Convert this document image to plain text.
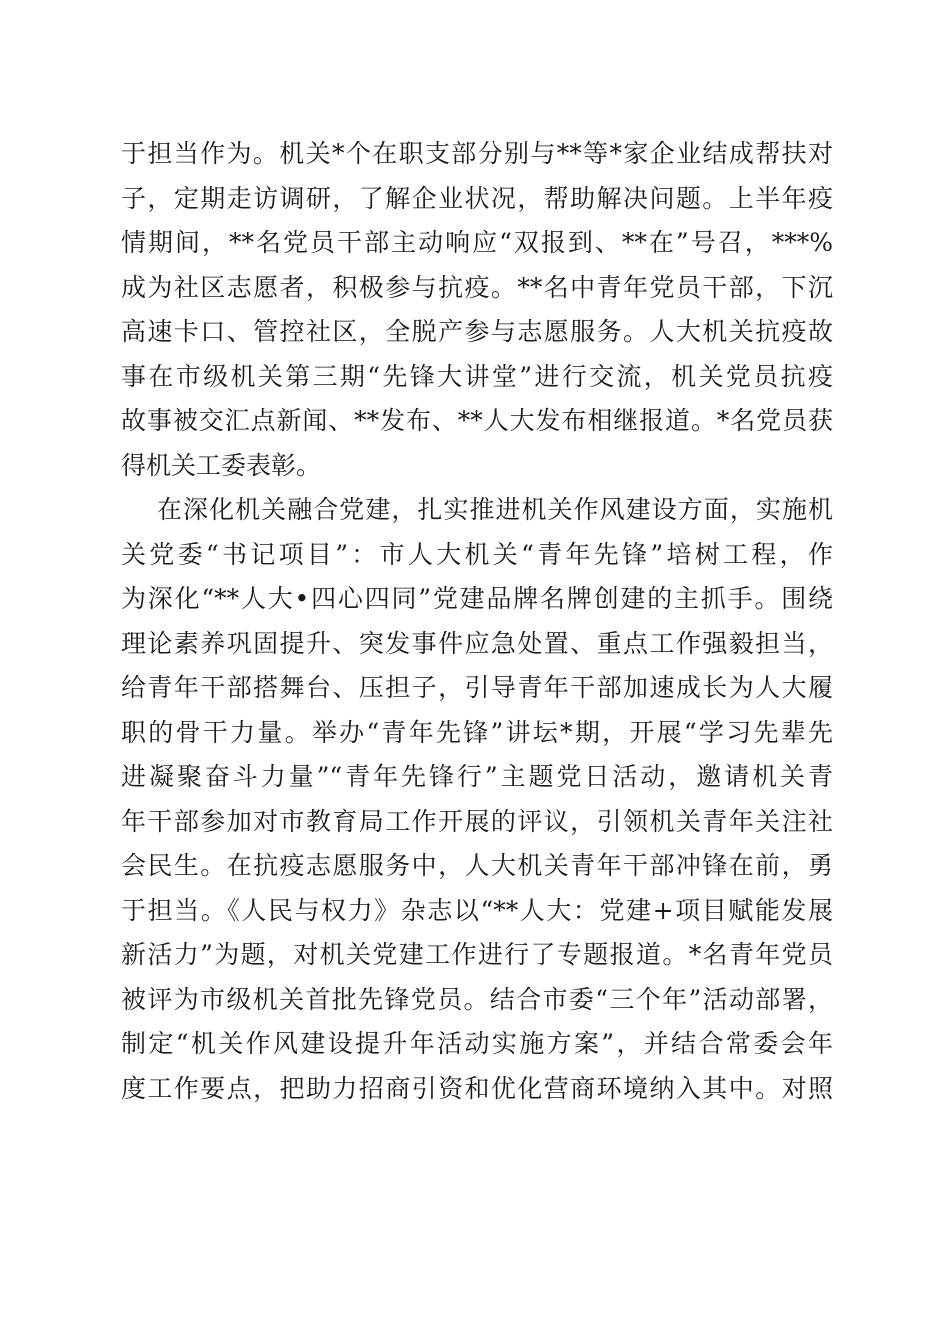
于担当作为。机关*个在职支部分别与**等*家企业结成帮扶对
子，定期走访调研，了解企业状况，帮助解决问题。上半年疫
情期间，**名党员干部主动响应“双报到、**在”号召，***%
成为社区志愿者，积极参与抗疫。**名中青年党员干部，下沉
高速卡口、管控社区，全脱产参与志愿服务。人大机关抗疫故
事在市级机关第三期“先锋大讲堂”进行交流，机关党员抗疫
故事被交汇点新闻、**发布、**人大发布相继报道。*名党员获
得机关工委表彰。
在深化机关融合党建，扎实推进机关作风建设方面，实施机
关党委“书记项目”：市人大机关“青年先锋”培树工程，作
为深化“**人大•四心四同”党建品牌名牌创建的主抓手。围绕
理论素养巩固提升、突发事件应急处置、重点工作强毅担当，
给青年干部搭舞台、压担子，引导青年干部加速成长为人大履
职的骨干力量。举办“青年先锋”讲坛*期，开展“学习先辈先
进凝聚奋斗力量”“青年先锋行”主题党日活动，邀请机关青
年干部参加对市教育局工作开展的评议，引领机关青年关注社
会民生。在抗疫志愿服务中，人大机关青年干部冲锋在前，勇
于担当。《人民与权力》杂志以“**人大：党建+项目赋能发展
新活力”为题，对机关党建工作进行了专题报道。*名青年党员
被评为市级机关首批先锋党员。结合市委“三个年”活动部署，
制定“机关作风建设提升年活动实施方案”，并结合常委会年
度工作要点，把助力招商引资和优化营商环境纳入其中。对照
